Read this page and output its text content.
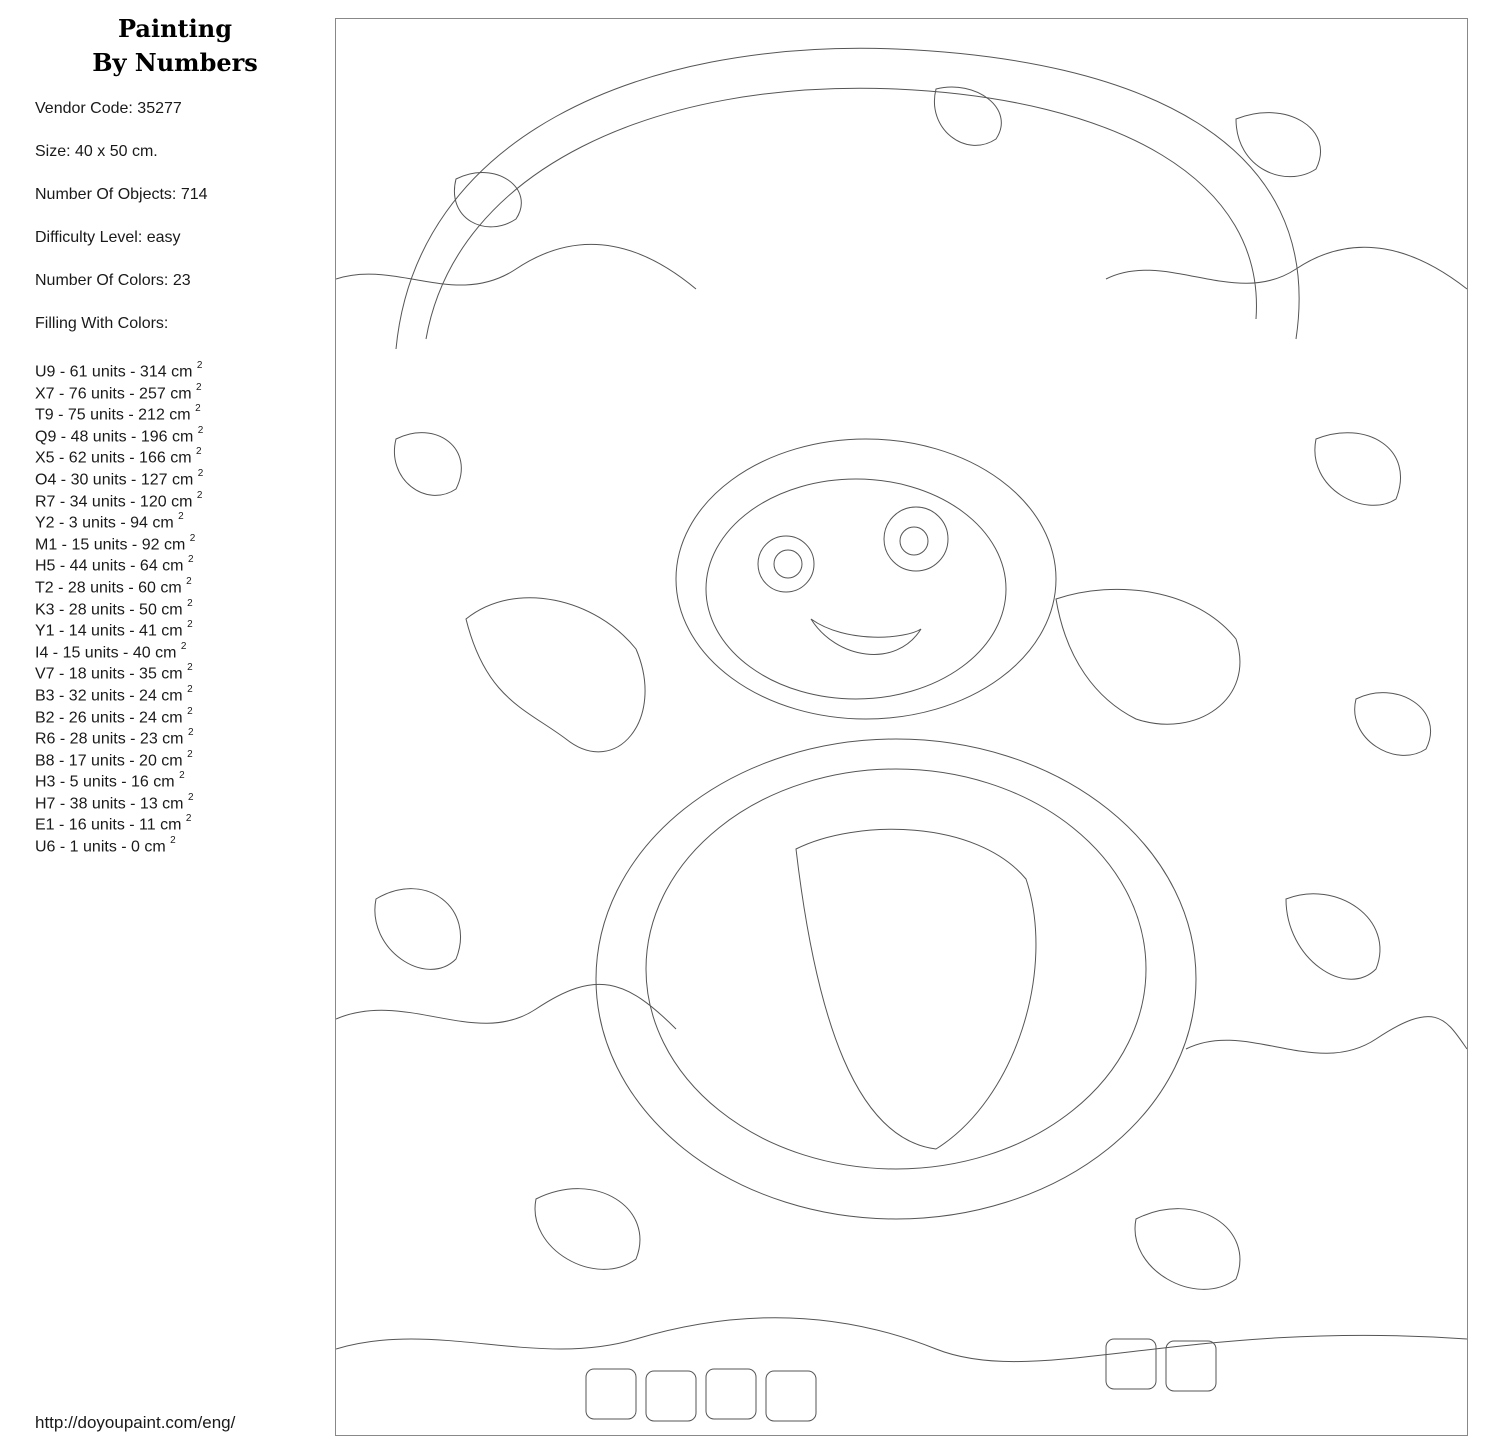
Painting
By Numbers
Vendor Code: 35277
Size: 40 x 50 cm.
Number Of Objects: 714
Difficulty Level: easy
Number Of Colors: 23
Filling With Colors:
U9 - 61 units - 314 cm $^2$
X7 - 76 units - 257 cm $^2$
T9 - 75 units - 212 cm $^2$
Q9 - 48 units - 196 cm $^2$
X5 - 62 units - 166 cm $^2$
O4 - 30 units - 127 cm $^2$
R7 - 34 units - 120 cm $^2$
Y2 - 3 units - 94 cm $^2$
M1 - 15 units - 92 cm $^2$
H5 - 44 units - 64 cm $^2$
T2 - 28 units - 60 cm $^2$
K3 - 28 units - 50 cm $^2$
Y1 - 14 units - 41 cm $^2$
I4 - 15 units - 40 cm $^2$
V7 - 18 units - 35 cm $^2$
B3 - 32 units - 24 cm $^2$
B2 - 26 units - 24 cm $^2$
R6 - 28 units - 23 cm $^2$
B8 - 17 units - 20 cm $^2$
H3 - 5 units - 16 cm $^2$
H7 - 38 units - 13 cm $^2$
E1 - 16 units - 11 cm $^2$
U6 - 1 units - 0 cm $^2$
http://doyoupaint.com/eng/
